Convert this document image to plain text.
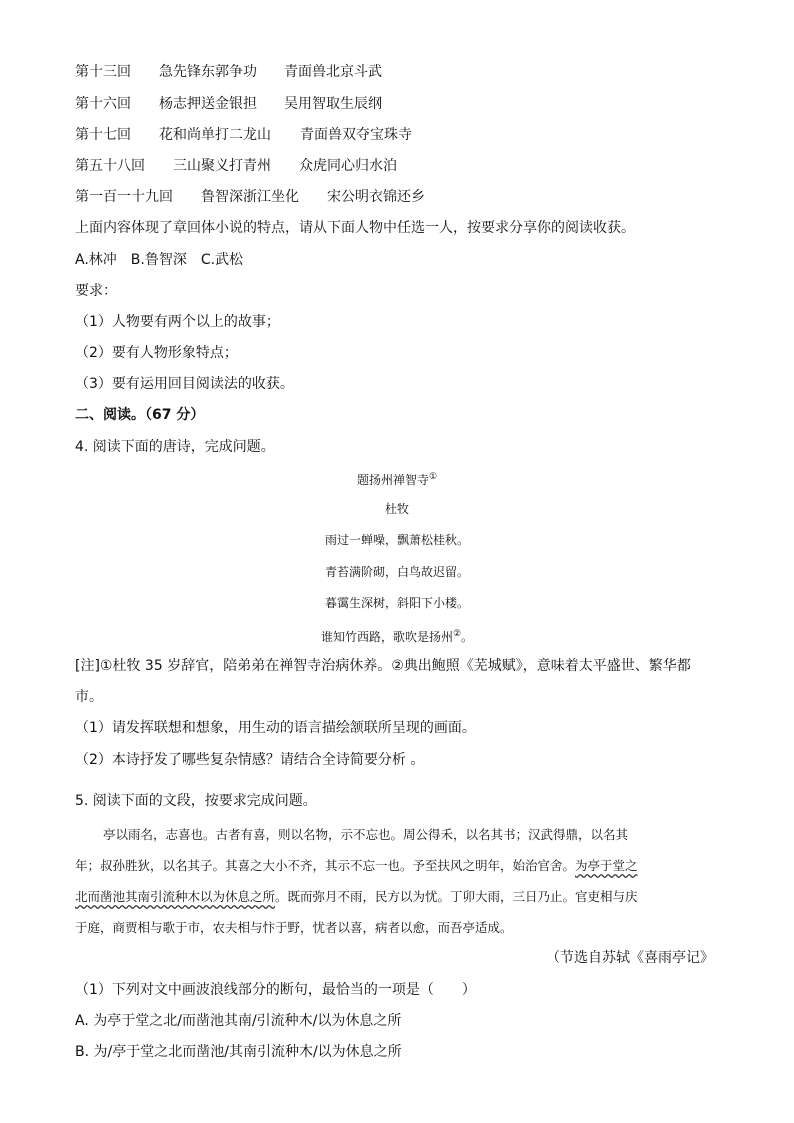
第十三回 急先锋东郭争功 青面兽北京斗武
第十六回 杨志押送金银担 吴用智取生辰纲
第十七回 花和尚单打二龙山 青面兽双夺宝珠寺
第五十八回 三山聚义打青州 众虎同心归水泊
第一百一十九回 鲁智深浙江坐化 宋公明衣锦还乡
上面内容体现了章回体小说的特点，请从下面人物中任选一人，按要求分享你的阅读收获。
A.林冲　B.鲁智深　C.武松
要求：
（1）人物要有两个以上的故事；
（2）要有人物形象特点；
（3）要有运用回目阅读法的收获。
二、阅读。（67 分）
4. 阅读下面的唐诗，完成问题。
题扬州禅智寺①
杜牧
雨过一蝉噪，飘萧松桂秋。
青苔满阶砌，白鸟故迟留。
暮霭生深树，斜阳下小楼。
谁知竹西路，歌吹是扬州②。
[注]①杜牧 35 岁辞官，陪弟弟在禅智寺治病休养。②典出鲍照《芜城赋》，意味着太平盛世、繁华都
市。
（1）请发挥联想和想象，用生动的语言描绘颔联所呈现的画面。
（2）本诗抒发了哪些复杂情感？请结合全诗简要分析 。
5. 阅读下面的文段，按要求完成问题。
亭以雨名，志喜也。古者有喜，则以名物，示不忘也。周公得禾，以名其书；汉武得鼎，以名其
年；叔孙胜狄，以名其子。其喜之大小不齐，其示不忘一也。予至扶风之明年，始治官舍。为亭于堂之
北而凿池其南引流种木以为休息之所。既而弥月不雨，民方以为忧。丁卯大雨，三日乃止。官吏相与庆
于庭，商贾相与歌于市，农夫相与忭于野，忧者以喜，病者以愈，而吾亭适成。
（节选自苏轼《喜雨亭记》
（1）下列对文中画波浪线部分的断句，最恰当的一项是（　　）
A. 为亭于堂之北/而凿池其南/引流种木/以为休息之所
B. 为/亭于堂之北而凿池/其南引流种木/以为休息之所
